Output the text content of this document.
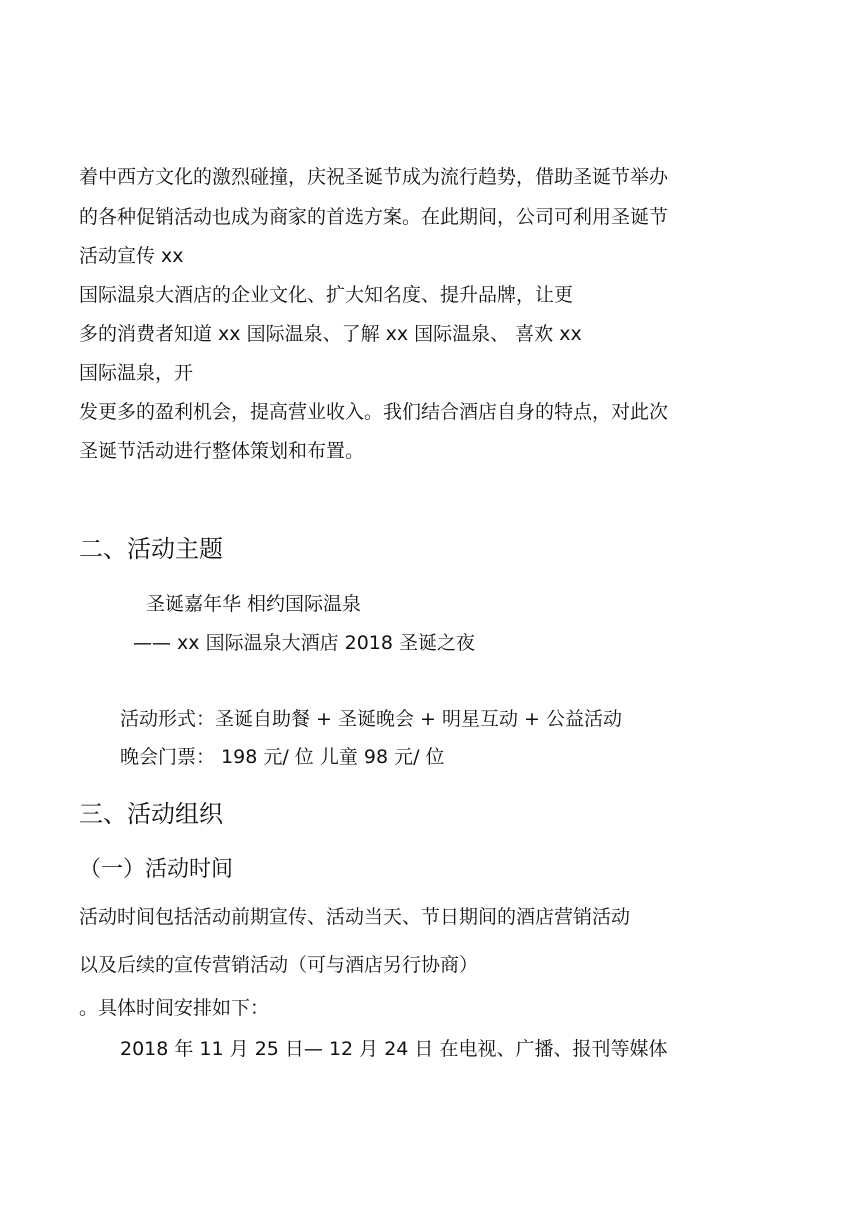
着中西方文化的激烈碰撞，庆祝圣诞节成为流行趋势，借助圣诞节举办
的各种促销活动也成为商家的首选方案。在此期间，公司可利用圣诞节
活动宣传 xx
国际温泉大酒店的企业文化、扩大知名度、提升品牌，让更
多的消费者知道 xx 国际温泉、了解 xx 国际温泉、 喜欢 xx
国际温泉，开
发更多的盈利机会，提高营业收入。我们结合酒店自身的特点，对此次
圣诞节活动进行整体策划和布置。
二、活动主题
圣诞嘉年华 相约国际温泉
—— xx 国际温泉大酒店 2018 圣诞之夜
活动形式：圣诞自助餐 + 圣诞晚会 + 明星互动 + 公益活动
晚会门票： 198 元/ 位 儿童 98 元/ 位
三、活动组织
（一）活动时间
活动时间包括活动前期宣传、活动当天、节日期间的酒店营销活动
以及后续的宣传营销活动（可与酒店另行协商）
。具体时间安排如下：
2018 年 11 月 25 日— 12 月 24 日 在电视、广播、报刊等媒体
